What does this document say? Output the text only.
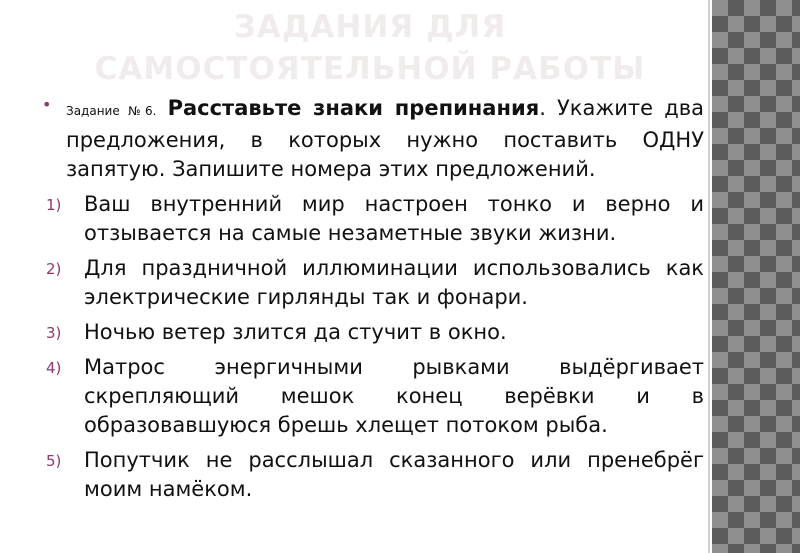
ЗАДАНИЯ ДЛЯ САМОСТОЯТЕЛЬНОЙ РАБОТЫ
• Задание №6. Расставьте знаки препинания. Укажите два предложения, в которых нужно поставить ОДНУ запятую. Запишите номера этих предложений.
1) Ваш внутренний мир настроен тонко и верно и отзывается на самые незаметные звуки жизни.
2) Для праздничной иллюминации использовались как электрические гирлянды так и фонари.
3) Ночью ветер злится да стучит в окно.
4) Матрос энергичными рывками выдёргивает скрепляющий мешок конец верёвки и в образовавшуюся брешь хлещет потоком рыба.
5) Попутчик не расслышал сказанного или пренебрёг моим намёком.
